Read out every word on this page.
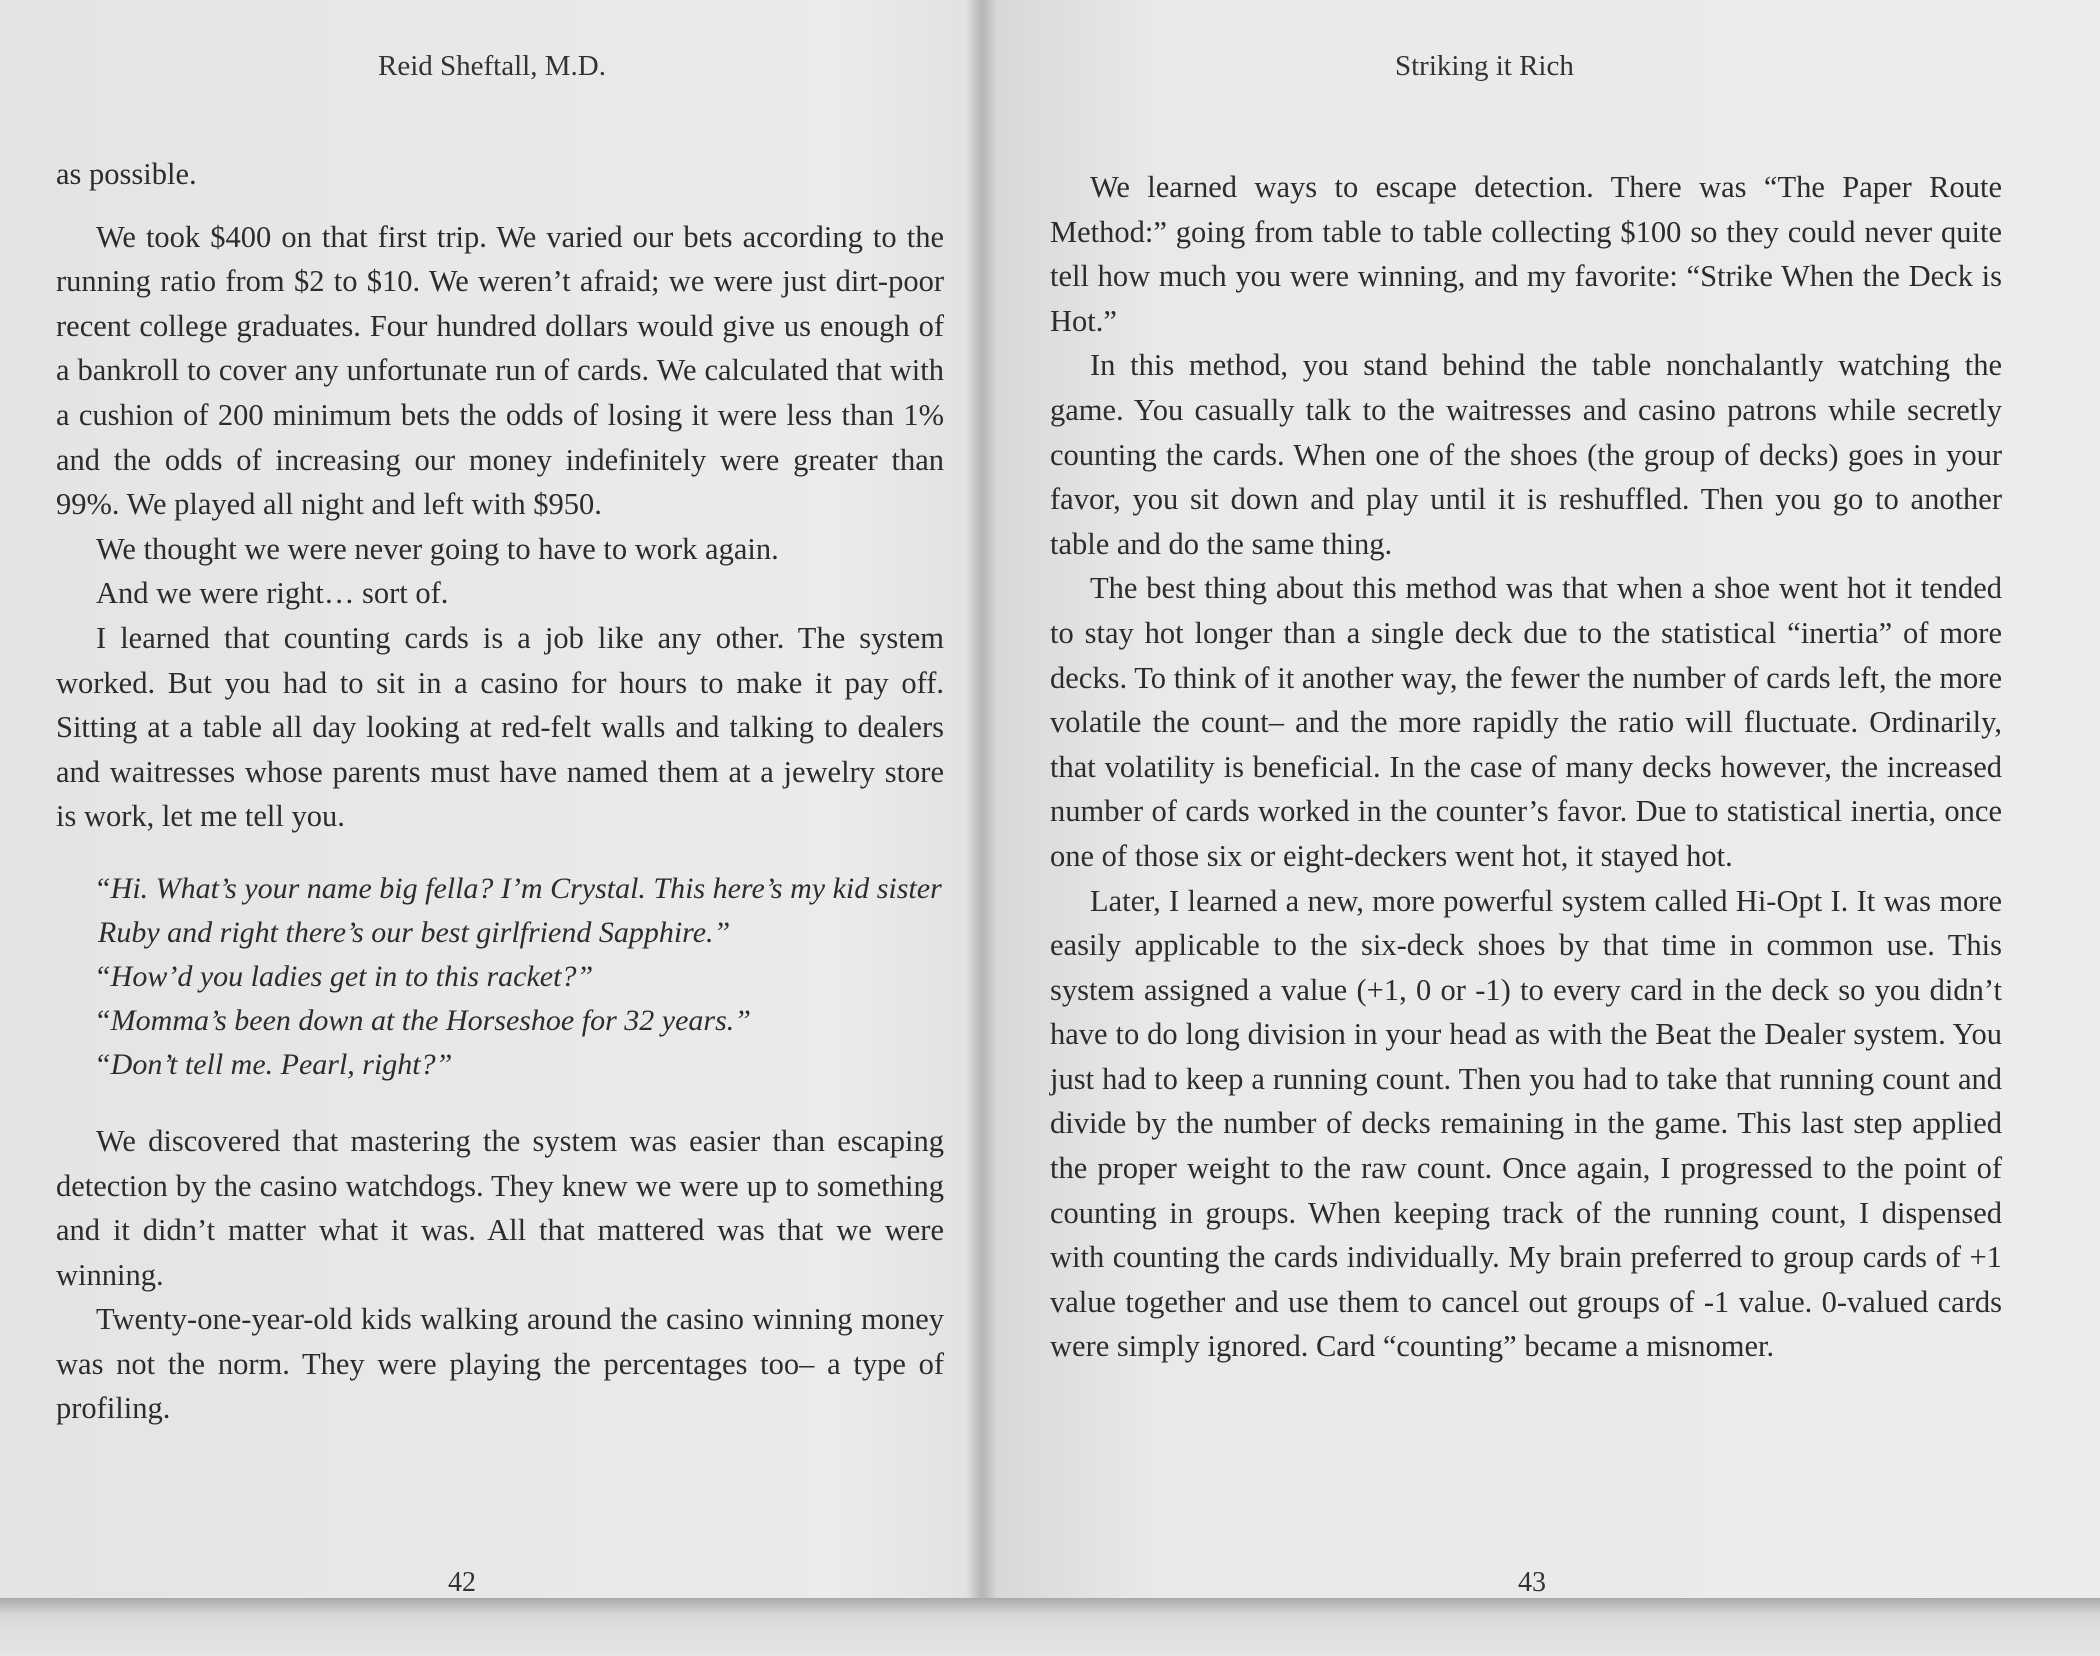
Reid Sheftall, M.D.

as possible.

We took $400 on that first trip. We varied our bets according to the running ratio from $2 to $10. We weren’t afraid; we were just dirt-poor recent college graduates. Four hundred dollars would give us enough of a bankroll to cover any unfortunate run of cards. We calculated that with a cushion of 200 minimum bets the odds of losing it were less than 1% and the odds of increasing our money indefinitely were greater than 99%. We played all night and left with $950.

We thought we were never going to have to work again.

And we were right… sort of.

I learned that counting cards is a job like any other. The system worked. But you had to sit in a casino for hours to make it pay off. Sitting at a table all day looking at red-felt walls and talking to dealers and waitresses whose parents must have named them at a jewelry store is work, let me tell you.

“Hi. What’s your name big fella? I’m Crystal. This here’s my kid sister
Ruby and right there’s our best girlfriend Sapphire.”
“How’d you ladies get in to this racket?”
“Momma’s been down at the Horseshoe for 32 years.”
“Don’t tell me. Pearl, right?”

We discovered that mastering the system was easier than escaping detection by the casino watchdogs. They knew we were up to something and it didn’t matter what it was. All that mattered was that we were winning.

Twenty-one-year-old kids walking around the casino winning money was not the norm. They were playing the percentages too– a type of profiling.

42
Striking it Rich

We learned ways to escape detection. There was “The Paper Route Method:” going from table to table collecting $100 so they could never quite tell how much you were winning, and my favorite: “Strike When the Deck is Hot.”

In this method, you stand behind the table nonchalantly watching the game. You casually talk to the waitresses and casino patrons while secretly counting the cards. When one of the shoes (the group of decks) goes in your favor, you sit down and play until it is reshuffled. Then you go to another table and do the same thing.

The best thing about this method was that when a shoe went hot it tended to stay hot longer than a single deck due to the statistical “inertia” of more decks. To think of it another way, the fewer the number of cards left, the more volatile the count– and the more rapidly the ratio will fluctuate. Ordinarily, that volatility is beneficial. In the case of many decks however, the increased number of cards worked in the counter’s favor. Due to statistical inertia, once one of those six or eight-deckers went hot, it stayed hot.

Later, I learned a new, more powerful system called Hi-Opt I. It was more easily applicable to the six-deck shoes by that time in common use. This system assigned a value (+1, 0 or -1) to every card in the deck so you didn’t have to do long division in your head as with the Beat the Dealer system. You just had to keep a running count. Then you had to take that running count and divide by the number of decks remaining in the game. This last step applied the proper weight to the raw count. Once again, I progressed to the point of counting in groups. When keeping track of the running count, I dispensed with counting the cards individually. My brain preferred to group cards of +1 value together and use them to cancel out groups of -1 value. 0-valued cards were simply ignored. Card “counting” became a misnomer.

43
